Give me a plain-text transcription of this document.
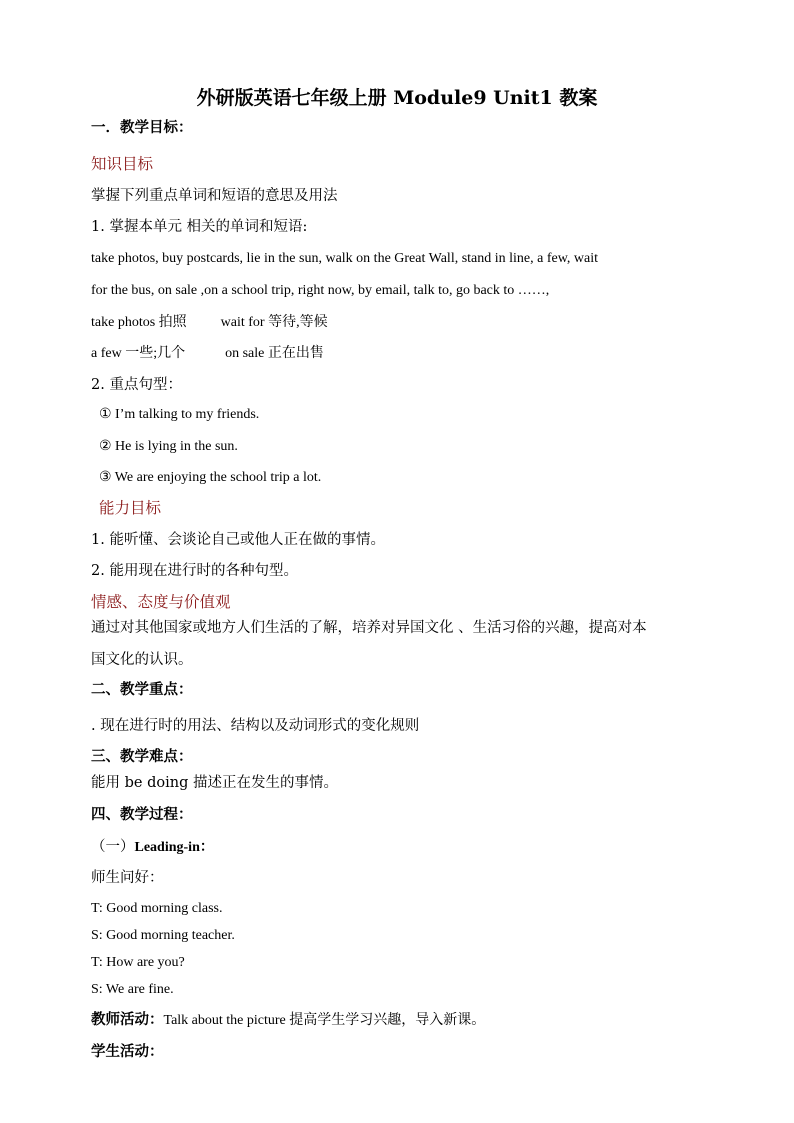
外研版英语七年级上册 Module9 Unit1 教案
一．教学目标：
知识目标
掌握下列重点单词和短语的意思及用法
1. 掌握本单元 相关的单词和短语:
take photos, buy postcards, lie in the sun, walk on the Great Wall, stand in line, a few, wait
for the bus, on sale ,on a school trip, right now, by email, talk to, go back to ……,
take photos 拍照 wait for 等待,等候
a few 一些;几个	on sale 正在出售
2. 重点句型：
① I’m talking to my friends.
② He is lying in the sun.
③ We are enjoying the school trip a lot.
能力目标
1. 能听懂、会谈论自己或他人正在做的事情。
2. 能用现在进行时的各种句型。
情感、态度与价值观
通过对其他国家或地方人们生活的了解，培养对异国文化 、生活习俗的兴趣，提高对本
国文化的认识。
二、教学重点：
. 现在进行时的用法、结构以及动词形式的变化规则
三、教学难点：
能用 be doing 描述正在发生的事情。
四、教学过程：
（一）Leading-in：
师生问好：
T: Good morning class.
S: Good morning teacher.
T: How are you?
S: We are fine.
教师活动：Talk about the picture 提高学生学习兴趣，导入新课。
学生活动：
